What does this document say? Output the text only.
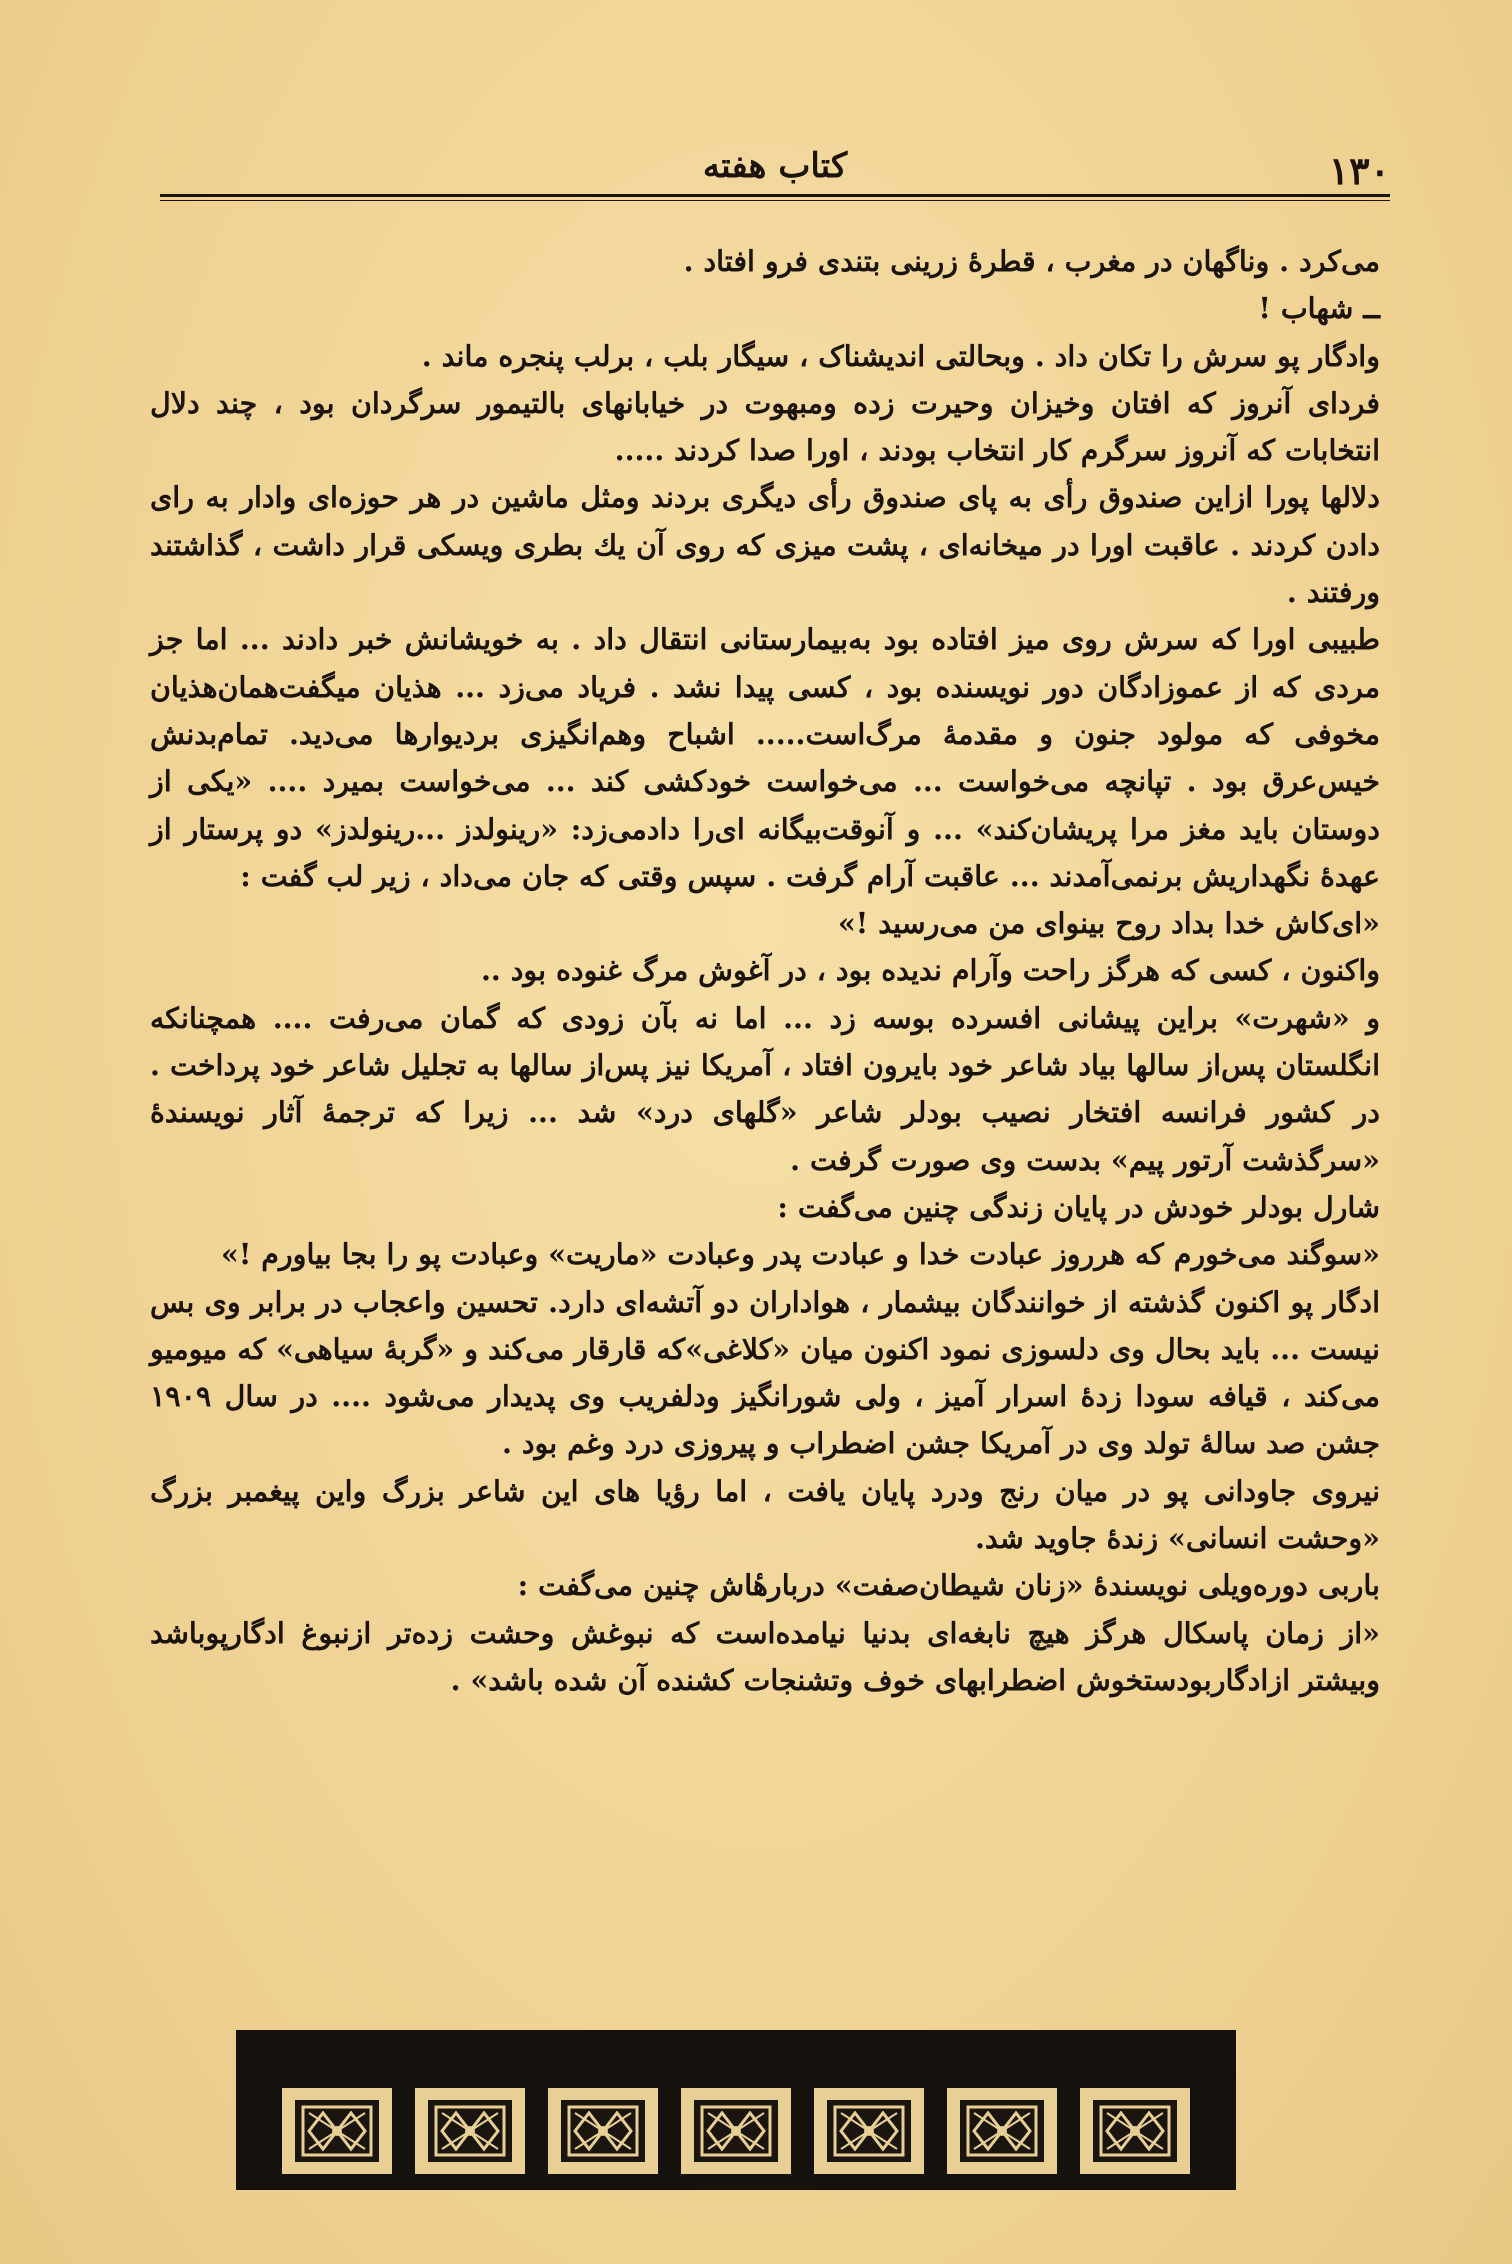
۱۳۰
کتاب هفته

می‌کرد . وناگهان در مغرب ، قطرهٔ زرینی بتندی فرو افتاد .

ــ شهاب !

وادگار پو سرش را تکان داد . وبحالتی اندیشناک ، سیگار بلب ، برلب پنجره ماند .

فردای آنروز که افتان وخیزان وحیرت زده ومبهوت در خیابانهای بالتیمور سرگردان بود ، چند دلال انتخابات که آنروز سرگرم کار انتخاب بودند ، اورا صدا کردند .....

دلالها پورا ازاین صندوق رأی به پای صندوق رأی دیگری بردند ومثل ماشین در هر حوزه‌ای وادار به رای دادن کردند . عاقبت اورا در میخانه‌ای ، پشت میزی که روی آن یك بطری ویسکی قرار داشت ، گذاشتند ورفتند .

طبیبی اورا که سرش روی میز افتاده بود به‌بیمارستانی انتقال داد . به خویشانش خبر دادند ... اما جز مردی که از عموزادگان دور نویسنده بود ، کسی پیدا نشد . فریاد می‌زد ... هذیان میگفت‌همان‌هذیان مخوفی که مولود جنون و مقدمهٔ مرگ‌است..... اشباح وهم‌انگیزی بردیوارها می‌دید. تمام‌بدنش خیس‌عرق بود . تپانچه می‌خواست ... می‌خواست خودکشی کند ... می‌خواست بمیرد .... «یکی از دوستان باید مغز مرا پریشان‌کند» ... و آنوقت‌بیگانه ای‌را دادمی‌زد: «رینولدز ...رینولدز» دو پرستار از عهدهٔ نگهداریش برنمی‌آمدند ... عاقبت آرام گرفت . سپس وقتی که جان می‌داد ، زیر لب گفت :

«ای‌کاش خدا بداد روح بینوای من می‌رسید !»

واکنون ، کسی که هرگز راحت وآرام ندیده بود ، در آغوش مرگ غنوده بود ..

و «شهرت» براین پیشانی افسرده بوسه زد ... اما نه بآن زودی که گمان می‌رفت .... همچنانکه انگلستان پس‌از سالها بیاد شاعر خود بایرون افتاد ، آمریکا نیز پس‌از سالها به تجلیل شاعر خود پرداخت . در کشور فرانسه افتخار نصیب بودلر شاعر «گلهای درد» شد ... زیرا که ترجمهٔ آثار نویسندهٔ «سرگذشت آرتور پیم» بدست وی صورت گرفت .

شارل بودلر خودش در پایان زندگی چنین می‌گفت :

«سوگند می‌خورم که هرروز عبادت خدا و عبادت پدر وعبادت «ماریت» وعبادت پو را بجا بیاورم !»

ادگار پو اکنون گذشته از خوانندگان بیشمار ، هواداران دو آتشه‌ای دارد. تحسین واعجاب در برابر وی بس نیست ... باید بحال وی دلسوزی نمود اکنون میان «کلاغی»که قارقار می‌کند و «گربهٔ سیاهی» که میومیو می‌کند ، قیافه سودا زدهٔ اسرار آمیز ، ولی شورانگیز ودلفریب وی پدیدار می‌شود .... در سال ۱۹۰۹ جشن صد سالهٔ تولد وی در آمریکا جشن اضطراب و پیروزی درد وغم بود .

نیروی جاودانی پو در میان رنج ودرد پایان یافت ، اما رؤیا های این شاعر بزرگ واین پیغمبر بزرگ «وحشت انسانی» زندهٔ جاوید شد.

باربی دوره‌ویلی نویسندهٔ «زنان شیطان‌صفت» دربارهٔاش چنین می‌گفت :

«از زمان پاسکال هرگز هیچ نابغه‌ای بدنیا نیامده‌است که نبوغش وحشت زده‌تر ازنبوغ ادگارپوباشد وبیشتر ازادگاربودستخوش اضطرابهای خوف وتشنجات کشنده آن شده باشد» .
